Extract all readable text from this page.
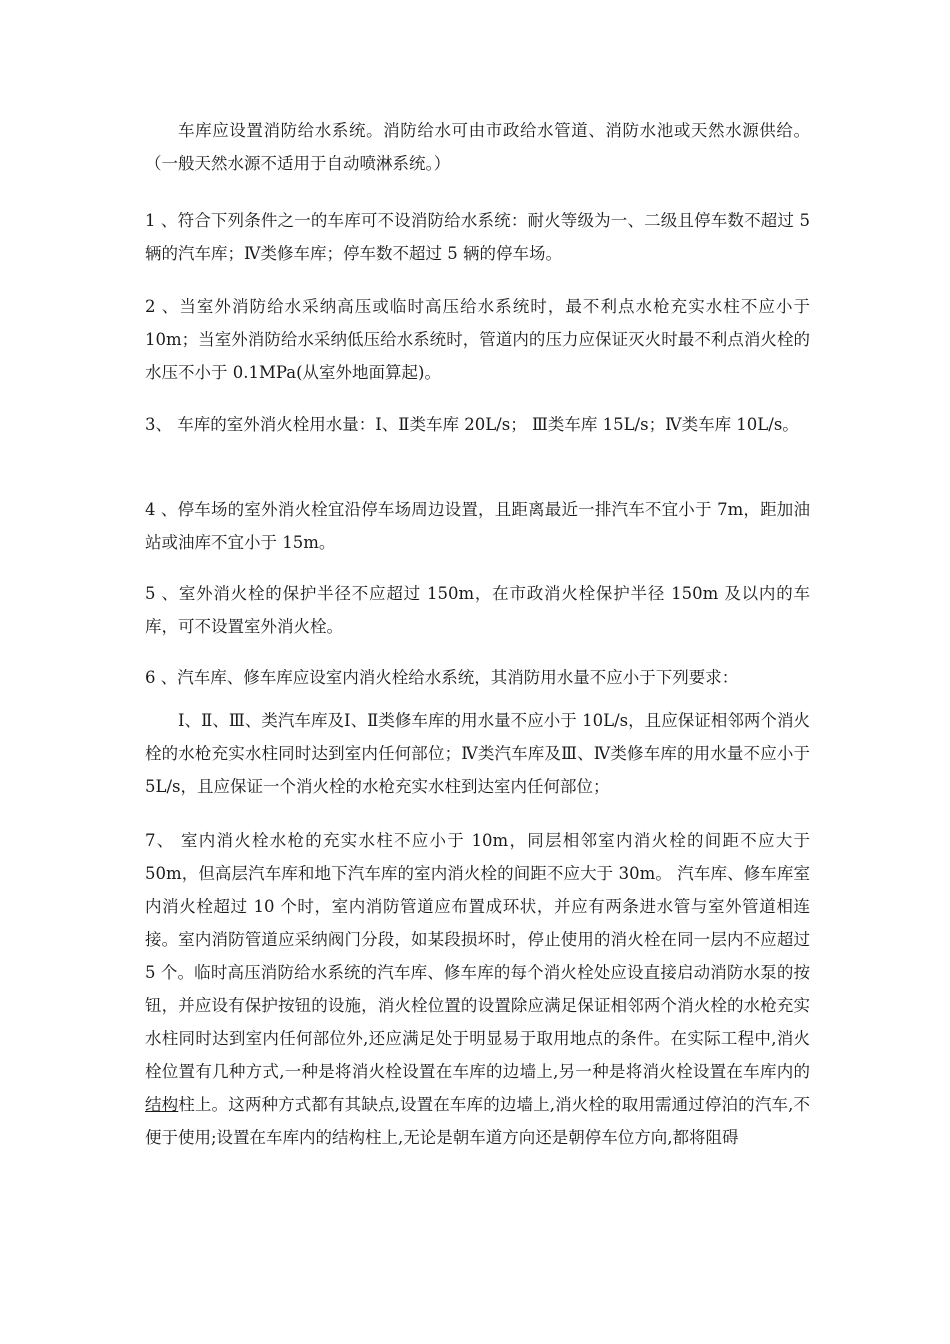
车库应设置消防给水系统。消防给水可由市政给水管道、消防水池或天然水源供给。（一般天然水源不适用于自动喷淋系统。）

1 、符合下列条件之一的车库可不设消防给水系统：耐火等级为一、二级且停车数不超过 5 辆的汽车库；Ⅳ类修车库；停车数不超过 5 辆的停车场。

2 、当室外消防给水采纳高压或临时高压给水系统时，最不利点水枪充实水柱不应小于 10m；当室外消防给水采纳低压给水系统时，管道内的压力应保证灭火时最不利点消火栓的水压不小于 0.1MPa(从室外地面算起)。

3、 车库的室外消火栓用水量：Ⅰ、Ⅱ类车库 20L/s； Ⅲ类车库 15L/s；Ⅳ类车库 10L/s。

4 、停车场的室外消火栓宜沿停车场周边设置，且距离最近一排汽车不宜小于 7m，距加油站或油库不宜小于 15m。

5 、室外消火栓的保护半径不应超过 150m，在市政消火栓保护半径 150m 及以内的车库，可不设置室外消火栓。

6 、汽车库、修车库应设室内消火栓给水系统，其消防用水量不应小于下列要求：

Ⅰ、Ⅱ、Ⅲ、类汽车库及Ⅰ、Ⅱ类修车库的用水量不应小于 10L/s，且应保证相邻两个消火栓的水枪充实水柱同时达到室内任何部位；Ⅳ类汽车库及Ⅲ、Ⅳ类修车库的用水量不应小于 5L/s，且应保证一个消火栓的水枪充实水柱到达室内任何部位；

7、 室内消火栓水枪的充实水柱不应小于 10m，同层相邻室内消火栓的间距不应大于 50m，但高层汽车库和地下汽车库的室内消火栓的间距不应大于 30m。 汽车库、修车库室内消火栓超过 10 个时，室内消防管道应布置成环状，并应有两条进水管与室外管道相连接。室内消防管道应采纳阀门分段，如某段损坏时，停止使用的消火栓在同一层内不应超过 5 个。临时高压消防给水系统的汽车库、修车库的每个消火栓处应设直接启动消防水泵的按钮，并应设有保护按钮的设施，消火栓位置的设置除应满足保证相邻两个消火栓的水枪充实水柱同时达到室内任何部位外,还应满足处于明显易于取用地点的条件。在实际工程中,消火栓位置有几种方式,一种是将消火栓设置在车库的边墙上,另一种是将消火栓设置在车库内的结构柱上。这两种方式都有其缺点,设置在车库的边墙上,消火栓的取用需通过停泊的汽车,不便于使用;设置在车库内的结构柱上,无论是朝车道方向还是朝停车位方向,都将阻碍
